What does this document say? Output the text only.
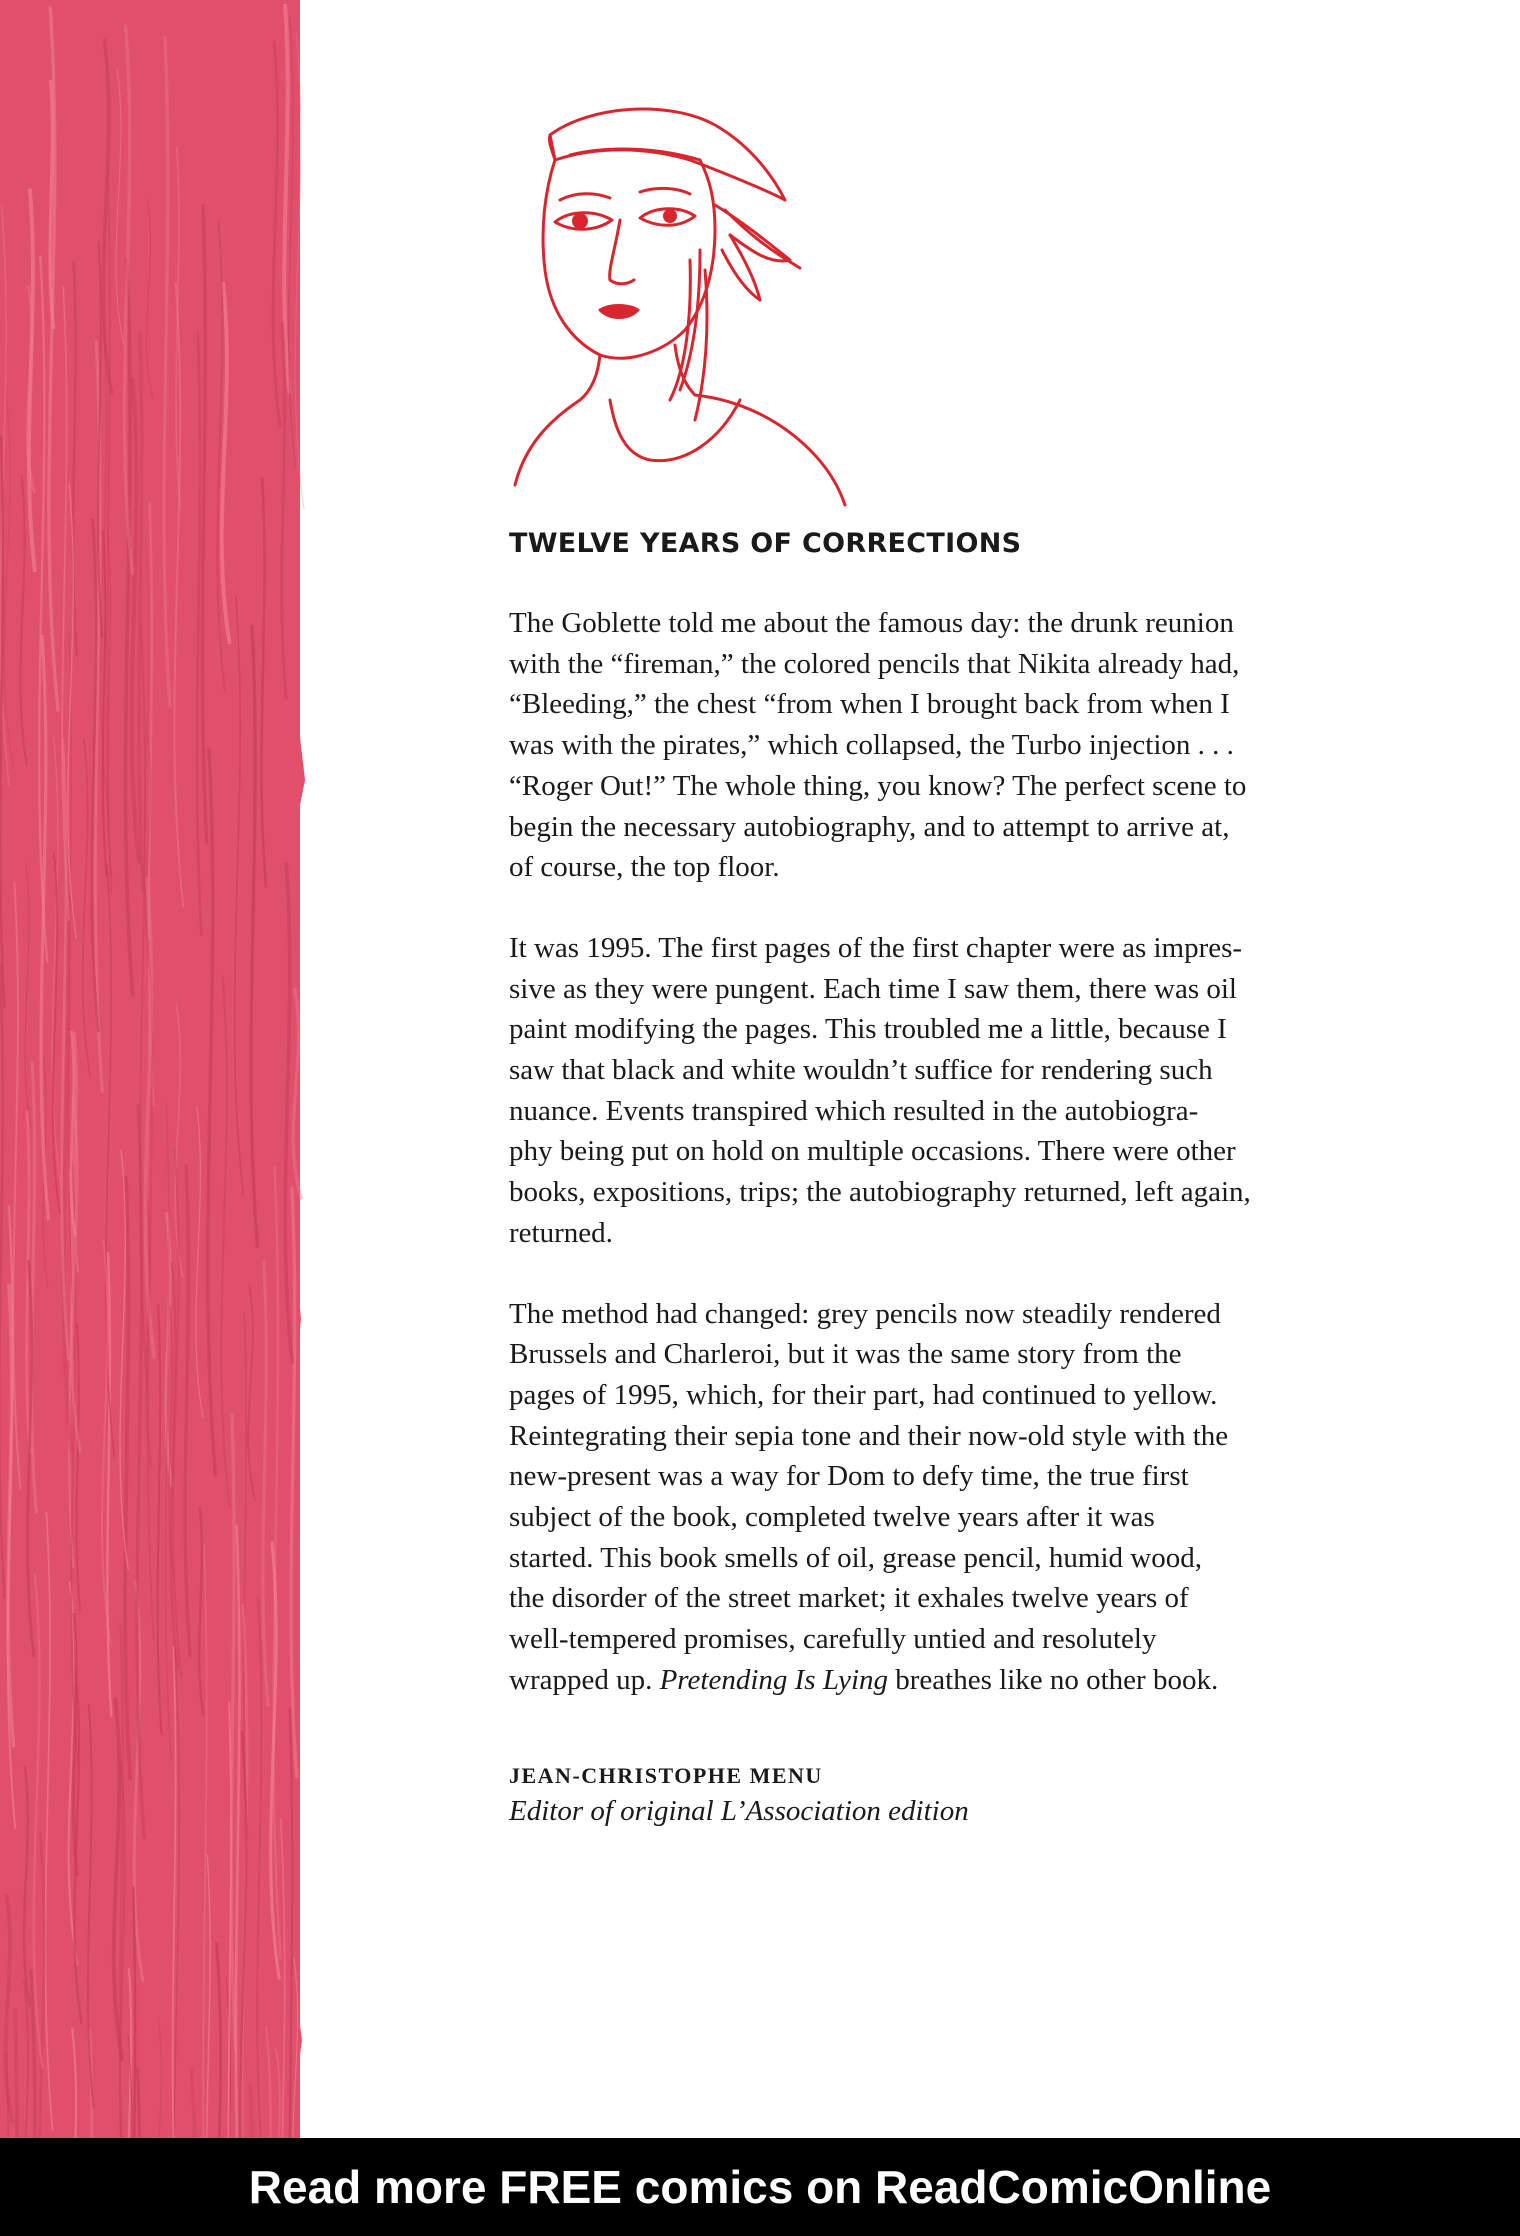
TWELVE YEARS OF CORRECTIONS
The Goblette told me about the famous day: the drunk reunion
with the “fireman,” the colored pencils that Nikita already had,
“Bleeding,” the chest “from when I brought back from when I
was with the pirates,” which collapsed, the Turbo injection . . .
“Roger Out!” The whole thing, you know? The perfect scene to
begin the necessary autobiography, and to attempt to arrive at,
of course, the top floor.
It was 1995. The first pages of the first chapter were as impres-
sive as they were pungent. Each time I saw them, there was oil
paint modifying the pages. This troubled me a little, because I
saw that black and white wouldn’t suffice for rendering such
nuance. Events transpired which resulted in the autobiogra-
phy being put on hold on multiple occasions. There were other
books, expositions, trips; the autobiography returned, left again,
returned.
The method had changed: grey pencils now steadily rendered
Brussels and Charleroi, but it was the same story from the
pages of 1995, which, for their part, had continued to yellow.
Reintegrating their sepia tone and their now-old style with the
new-present was a way for Dom to defy time, the true first
subject of the book, completed twelve years after it was
started. This book smells of oil, grease pencil, humid wood,
the disorder of the street market; it exhales twelve years of
well-tempered promises, carefully untied and resolutely
wrapped up. Pretending Is Lying breathes like no other book.
JEAN-CHRISTOPHE MENU
Editor of original L’Association edition
Read more FREE comics on ReadComicOnline
